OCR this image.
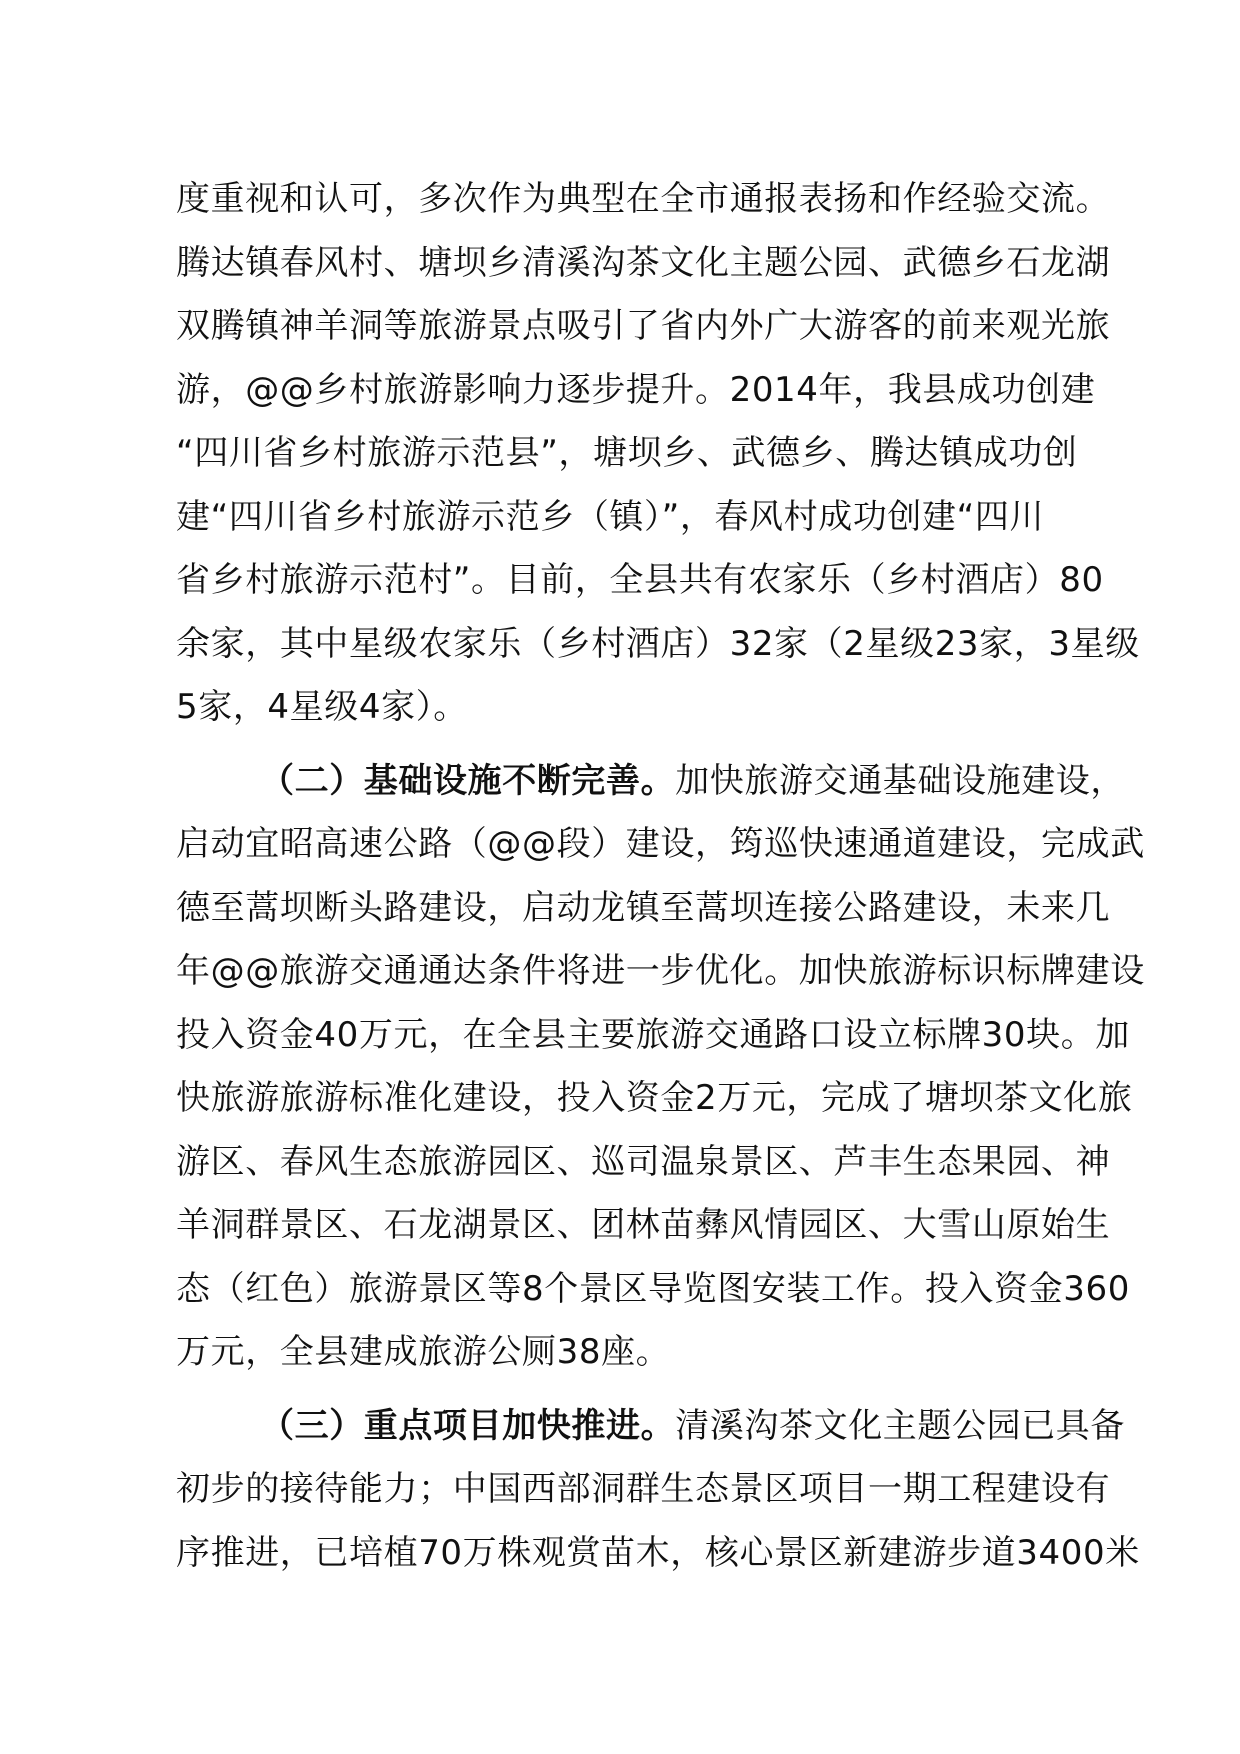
度重视和认可，多次作为典型在全市通报表扬和作经验交流。
腾达镇春风村、塘坝乡清溪沟茶文化主题公园、武德乡石龙湖
双腾镇神羊洞等旅游景点吸引了省内外广大游客的前来观光旅
游，@@乡村旅游影响力逐步提升。2014年，我县成功创建
“四川省乡村旅游示范县”，塘坝乡、武德乡、腾达镇成功创
建“四川省乡村旅游示范乡（镇）”，春风村成功创建“四川
省乡村旅游示范村”。目前，全县共有农家乐（乡村酒店）80
余家，其中星级农家乐（乡村酒店）32家（2星级23家，3星级
5家，4星级4家）。
（二）基础设施不断完善。加快旅游交通基础设施建设，
启动宜昭高速公路（@@段）建设，筠巡快速通道建设，完成武
德至蒿坝断头路建设，启动龙镇至蒿坝连接公路建设，未来几
年@@旅游交通通达条件将进一步优化。加快旅游标识标牌建设
投入资金40万元，在全县主要旅游交通路口设立标牌30块。加
快旅游旅游标准化建设，投入资金2万元，完成了塘坝茶文化旅
游区、春风生态旅游园区、巡司温泉景区、芦丰生态果园、神
羊洞群景区、石龙湖景区、团林苗彝风情园区、大雪山原始生
态（红色）旅游景区等8个景区导览图安装工作。投入资金360
万元，全县建成旅游公厕38座。
（三）重点项目加快推进。清溪沟茶文化主题公园已具备
初步的接待能力；中国西部洞群生态景区项目一期工程建设有
序推进，已培植70万株观赏苗木，核心景区新建游步道3400米
